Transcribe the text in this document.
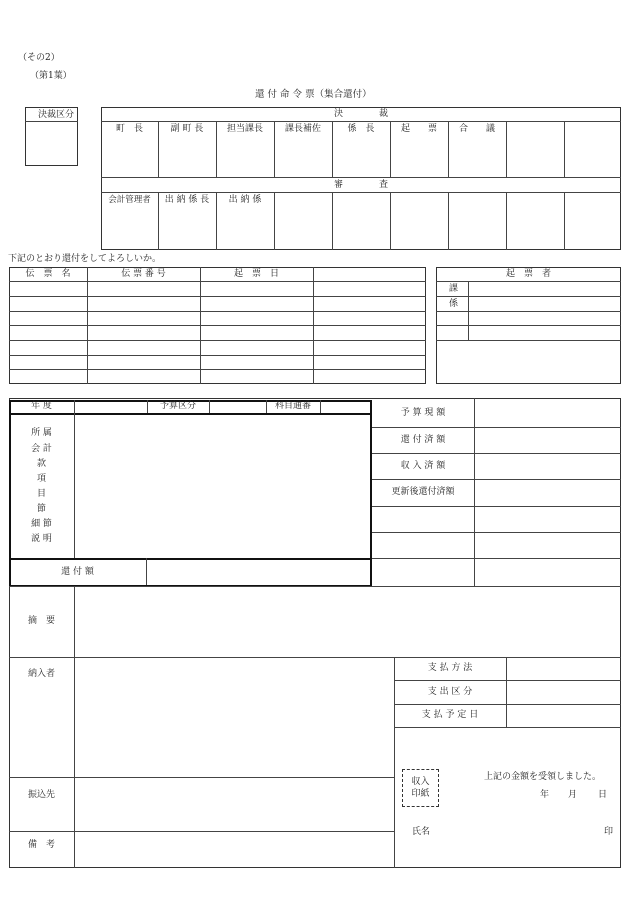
（その2）
（第1葉）
還 付 命 令 票（集合還付）
決裁区分	決　　　　裁
町　長	副 町 長	担当課長	課長補佐	係　長	起　　票	合　　議
審　　　　査
会計管理者	出 納 係 長	出 納 係
下記のとおり還付をしてよろしいか。
伝　票　名	伝 票 番 号	起　票　日	起　票　者
課
係
年 度	予算区分	科目通番
所 属
会 計
款
項
目
節
細 節
説 明
還 付 額
予 算 現 額
還 付 済 額
収 入 済 額
更新後還付済額
摘　要
納入者
支 払 方 法
支 出 区 分
支 払 予 定 日
振込先
備　考
収入
印紙
上記の金額を受領しました。
年 月 日
氏名	印
